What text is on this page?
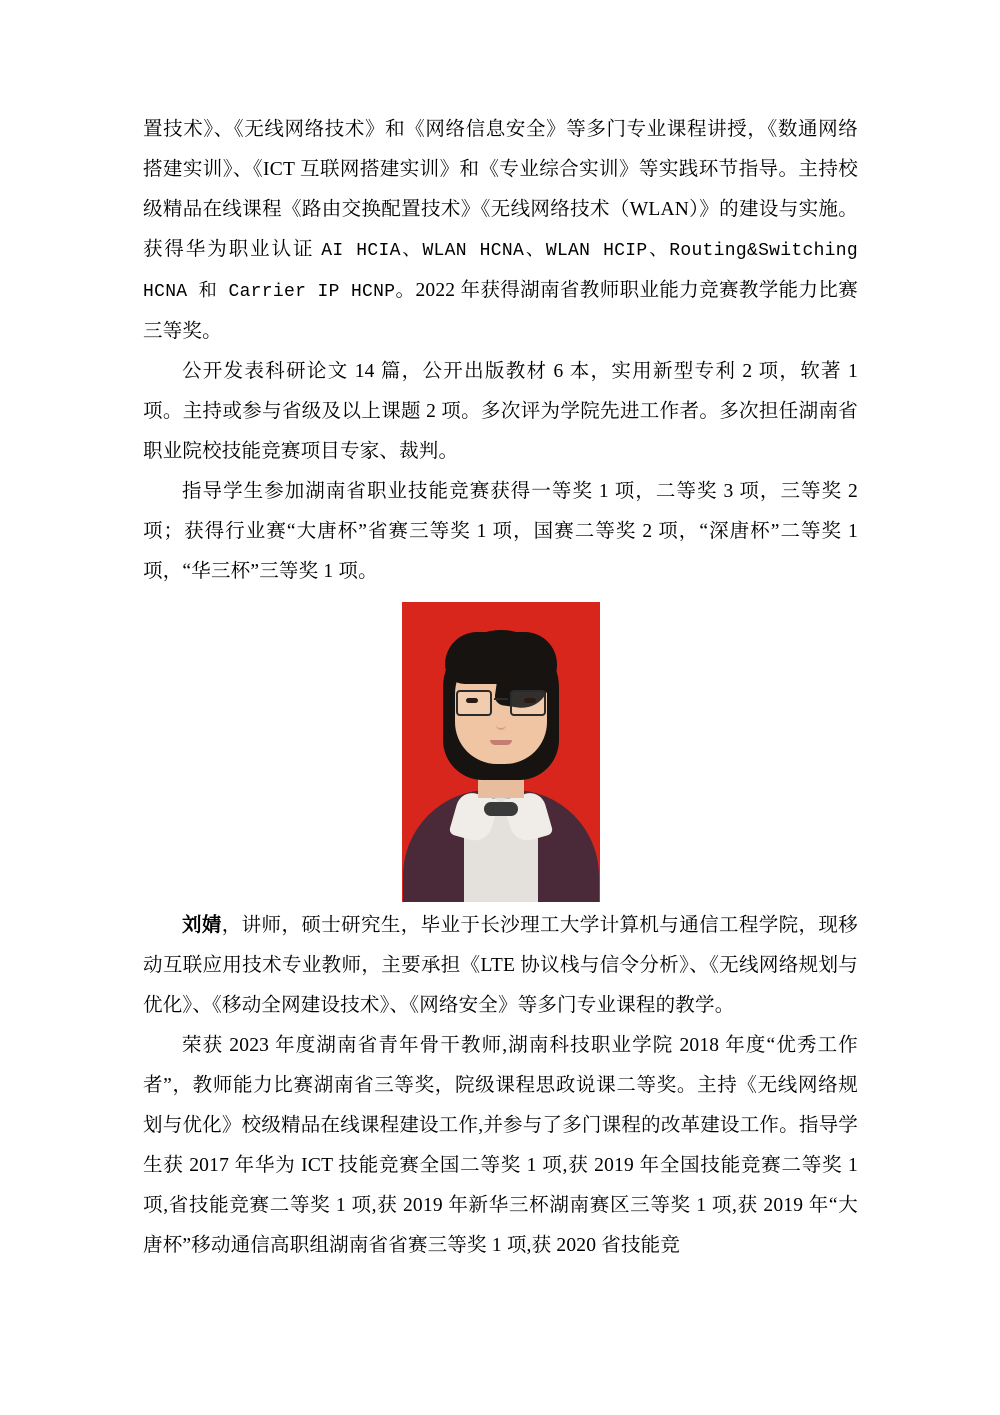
置技术》、《无线网络技术》和《网络信息安全》等多门专业课程讲授，《数通网络搭建实训》、《ICT 互联网搭建实训》和《专业综合实训》等实践环节指导。主持校级精品在线课程《路由交换配置技术》《无线网络技术（WLAN）》的建设与实施。获得华为职业认证 AI HCIA、WLAN HCNA、WLAN HCIP、Routing&Switching HCNA 和 Carrier IP HCNP。2022 年获得湖南省教师职业能力竞赛教学能力比赛三等奖。

公开发表科研论文 14 篇，公开出版教材 6 本，实用新型专利 2 项，软著 1 项。主持或参与省级及以上课题 2 项。多次评为学院先进工作者。多次担任湖南省职业院校技能竞赛项目专家、裁判。

指导学生参加湖南省职业技能竞赛获得一等奖 1 项，二等奖 3 项，三等奖 2 项；获得行业赛“大唐杯”省赛三等奖 1 项，国赛二等奖 2 项，“深唐杯”二等奖 1 项，“华三杯”三等奖 1 项。

刘婧，讲师，硕士研究生，毕业于长沙理工大学计算机与通信工程学院，现移动互联应用技术专业教师，主要承担《LTE 协议栈与信令分析》、《无线网络规划与优化》、《移动全网建设技术》、《网络安全》等多门专业课程的教学。

荣获 2023 年度湖南省青年骨干教师,湖南科技职业学院 2018 年度“优秀工作者”，教师能力比赛湖南省三等奖，院级课程思政说课二等奖。主持《无线网络规划与优化》校级精品在线课程建设工作,并参与了多门课程的改革建设工作。指导学生获 2017 年华为 ICT 技能竞赛全国二等奖 1 项,获 2019 年全国技能竞赛二等奖 1 项,省技能竞赛二等奖 1 项,获 2019 年新华三杯湖南赛区三等奖 1 项,获 2019 年“大唐杯”移动通信高职组湖南省省赛三等奖 1 项,获 2020 省技能竞
